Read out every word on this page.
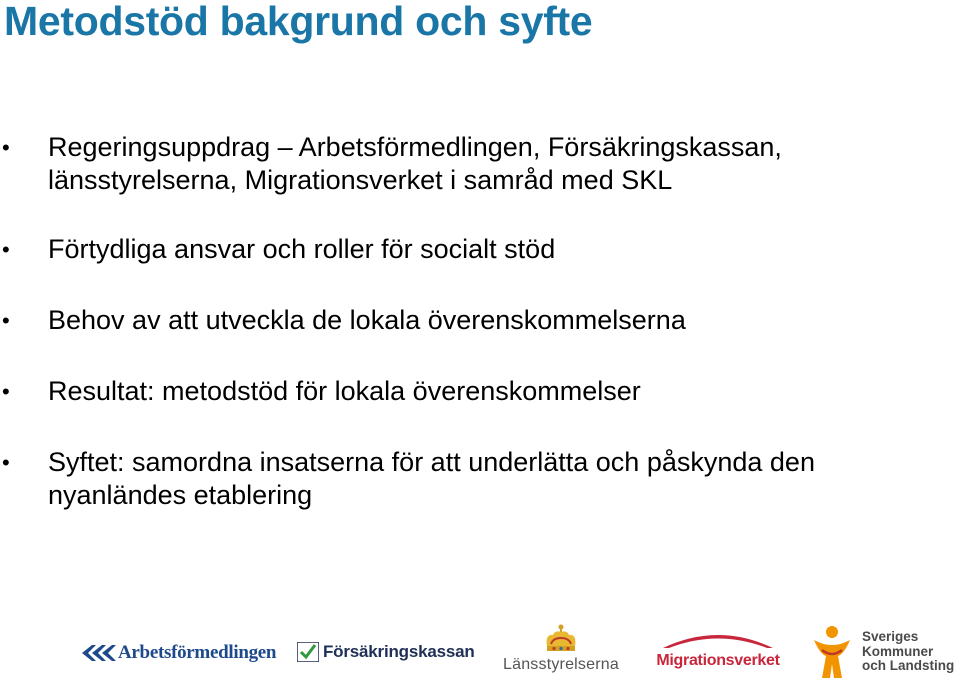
Metodstöd bakgrund och syfte
• Regeringsuppdrag – Arbetsförmedlingen, Försäkringskassan,
länsstyrelserna, Migrationsverket i samråd med SKL
• Förtydliga ansvar och roller för socialt stöd
• Behov av att utveckla de lokala överenskommelserna
• Resultat: metodstöd för lokala överenskommelser
• Syftet: samordna insatserna för att underlätta och påskynda den
nyanländes etablering
Arbetsförmedlingen	Försäkringskassan
Länsstyrelserna Migrationsverket
Sveriges
Kommuner
och Landsting
